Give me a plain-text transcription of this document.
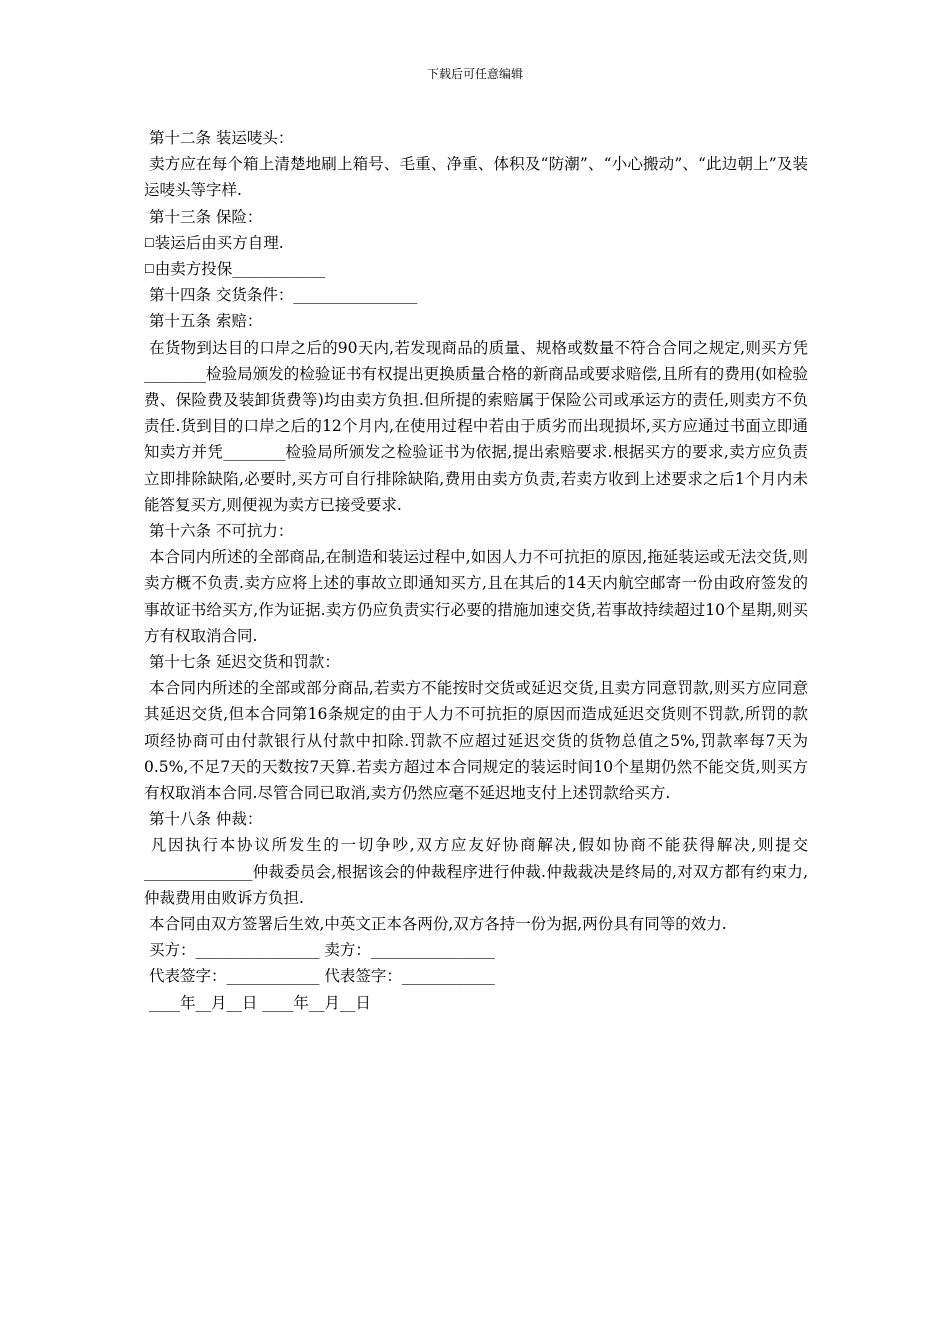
下载后可任意编辑
第十二条 装运唛头：
卖方应在每个箱上清楚地刷上箱号、毛重、净重、体积及“防潮”、“小心搬动”、“此边朝上”及装运唛头等字样.
第十三条 保险：
☐装运后由买方自理.
☐由卖方投保____________
第十四条 交货条件：________________
第十五条 索赔：
在货物到达目的口岸之后的90天内,若发现商品的质量、规格或数量不符合合同之规定,则买方凭________检验局颁发的检验证书有权提出更换质量合格的新商品或要求赔偿,且所有的费用(如检验费、保险费及装卸货费等)均由卖方负担.但所提的索赔属于保险公司或承运方的责任,则卖方不负责任.货到目的口岸之后的12个月内,在使用过程中若由于质劣而出现损坏,买方应通过书面立即通知卖方并凭________检验局所颁发之检验证书为依据,提出索赔要求.根据买方的要求,卖方应负责立即排除缺陷,必要时,买方可自行排除缺陷,费用由卖方负责,若卖方收到上述要求之后1个月内未能答复买方,则便视为卖方已接受要求.
第十六条 不可抗力：
本合同内所述的全部商品,在制造和装运过程中,如因人力不可抗拒的原因,拖延装运或无法交货,则卖方概不负责.卖方应将上述的事故立即通知买方,且在其后的14天内航空邮寄一份由政府签发的事故证书给买方,作为证据.卖方仍应负责实行必要的措施加速交货,若事故持续超过10个星期,则买方有权取消合同.
第十七条 延迟交货和罚款：
本合同内所述的全部或部分商品,若卖方不能按时交货或延迟交货,且卖方同意罚款,则买方应同意其延迟交货,但本合同第16条规定的由于人力不可抗拒的原因而造成延迟交货则不罚款,所罚的款项经协商可由付款银行从付款中扣除.罚款不应超过延迟交货的货物总值之5%,罚款率每7天为0.5%,不足7天的天数按7天算.若卖方超过本合同规定的装运时间10个星期仍然不能交货,则买方有权取消本合同.尽管合同已取消,卖方仍然应毫不延迟地支付上述罚款给买方.
第十八条 仲裁：
凡因执行本协议所发生的一切争吵,双方应友好协商解决,假如协商不能获得解决,则提交______________仲裁委员会,根据该会的仲裁程序进行仲裁.仲裁裁决是终局的,对双方都有约束力,仲裁费用由败诉方负担.
本合同由双方签署后生效,中英文正本各两份,双方各持一份为据,两份具有同等的效力.
买方：________________ 卖方：________________
代表签字：____________ 代表签字：____________
____年__月__日 ____年__月__日
